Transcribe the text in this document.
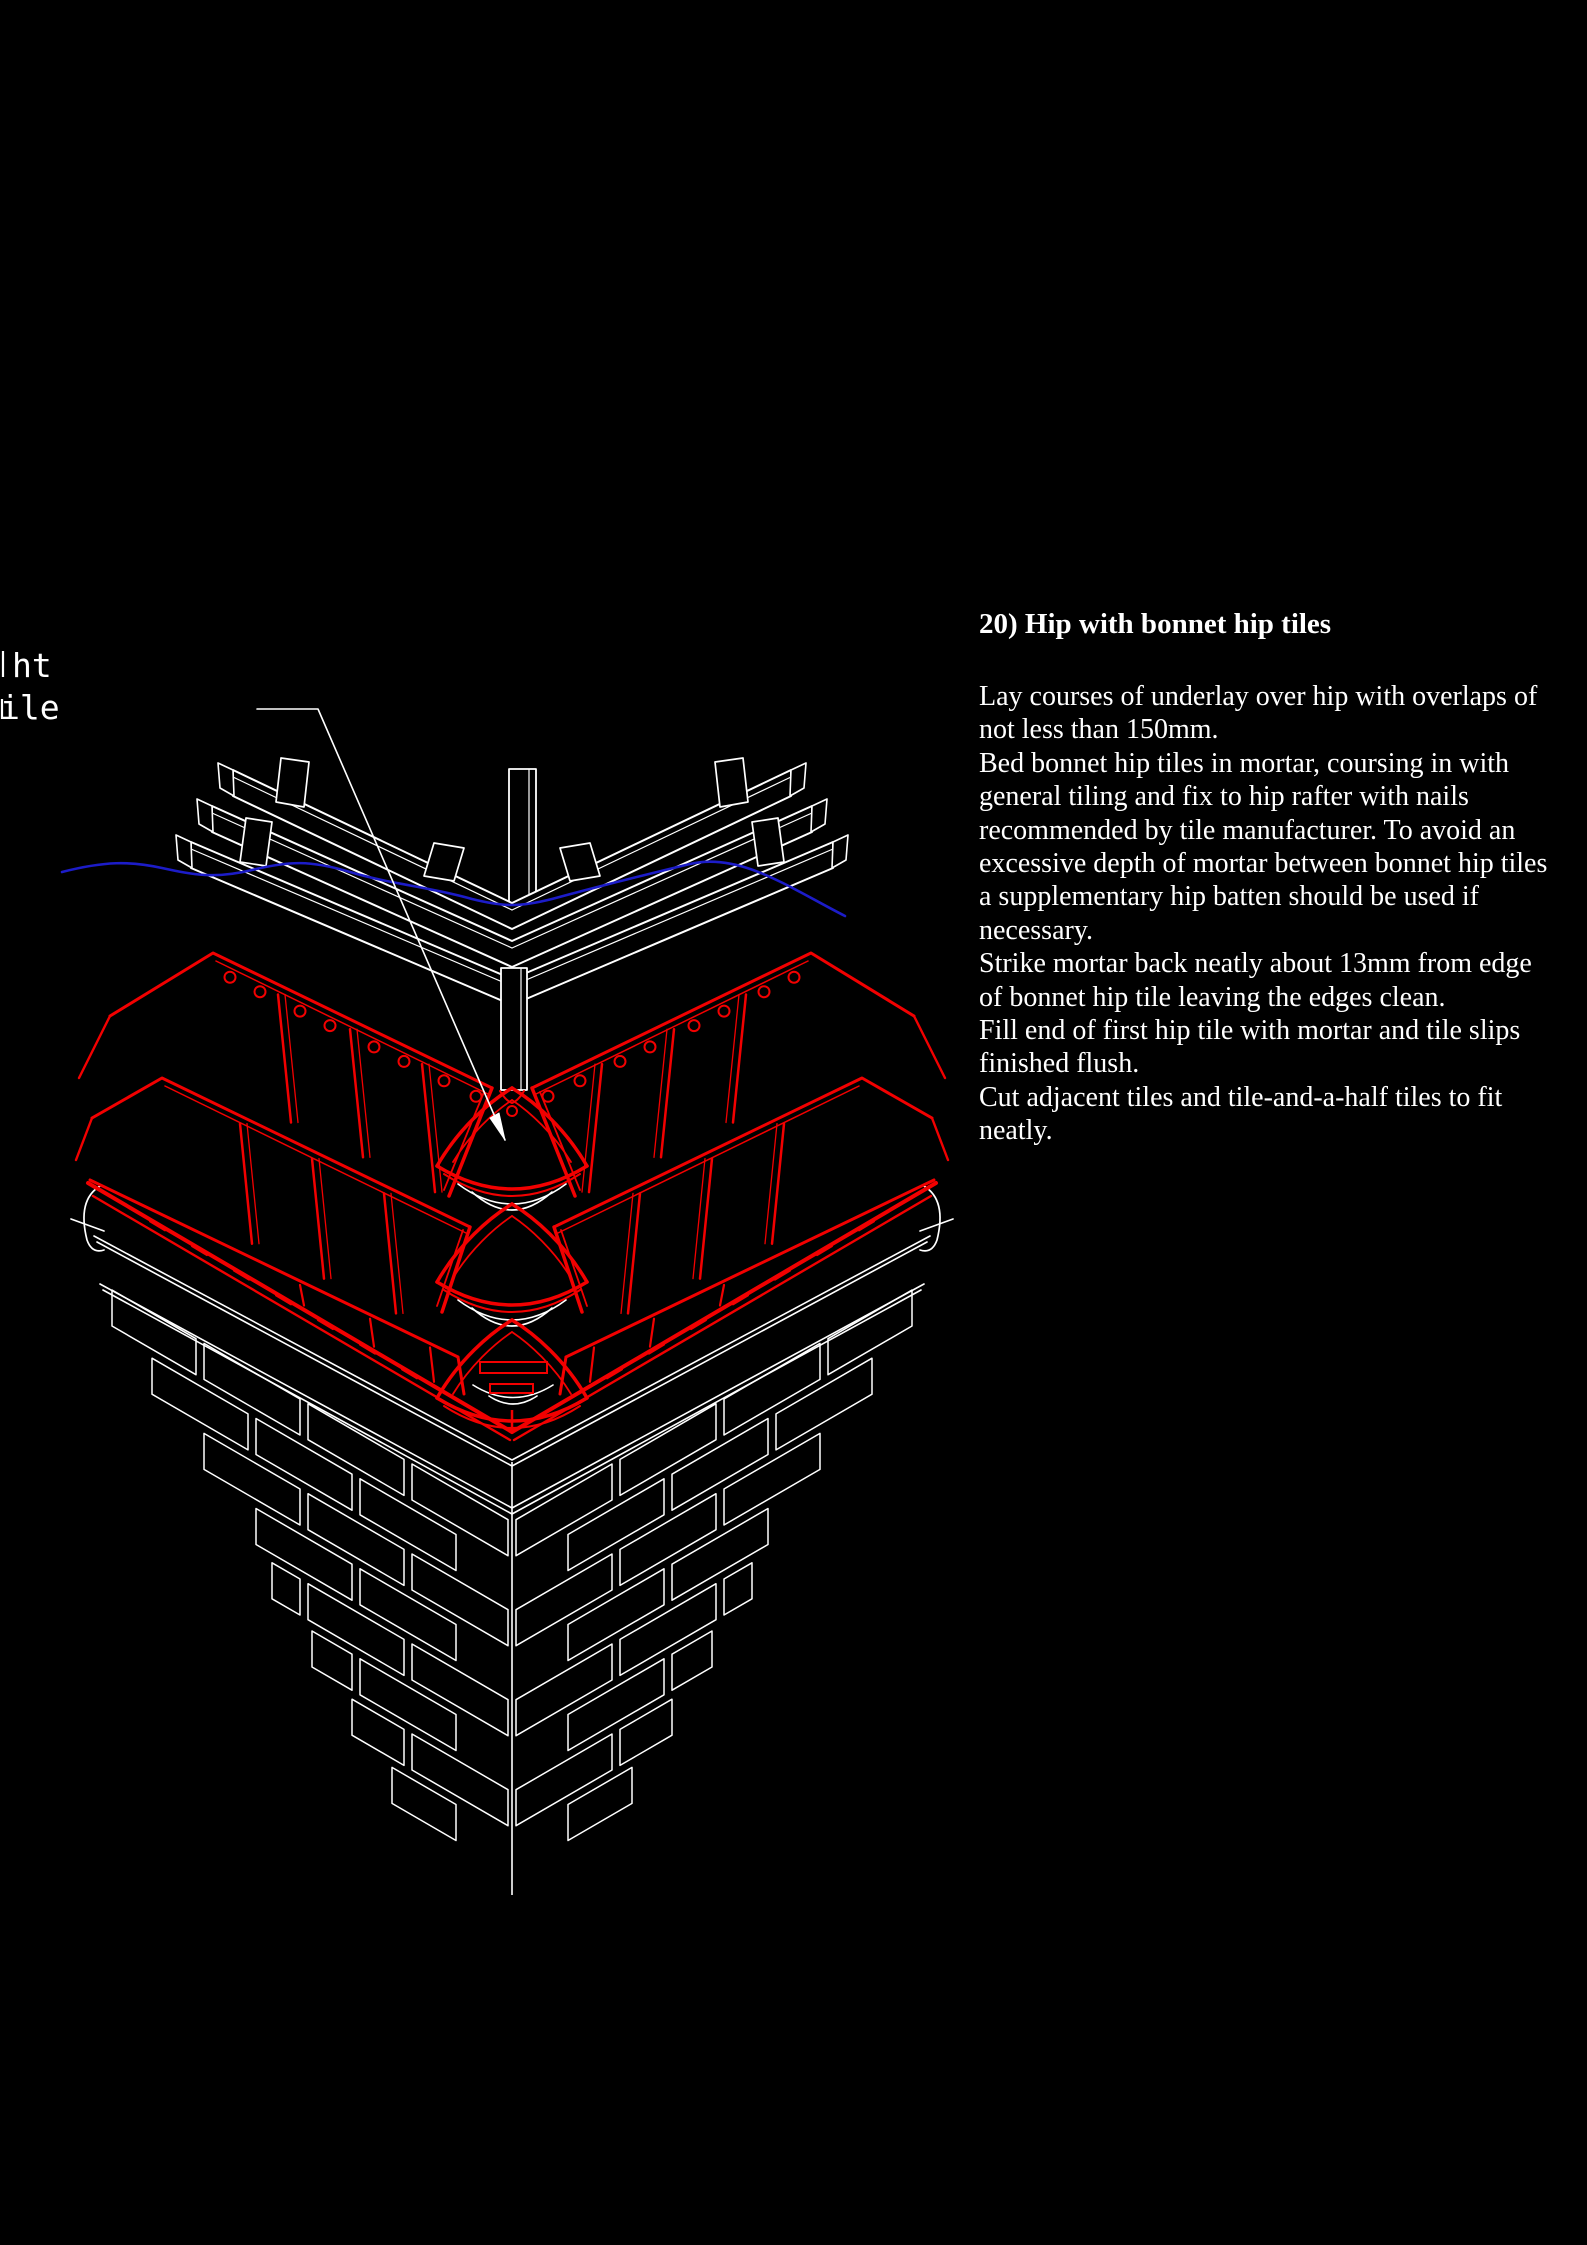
ht
ile
20) Hip with bonnet hip tiles
Lay courses of underlay over hip with overlaps of
not less than 150mm.
Bed bonnet hip tiles in mortar, coursing in with
general tiling and fix to hip rafter with nails
recommended by tile manufacturer. To avoid an
excessive depth of mortar between bonnet hip tiles
a supplementary hip batten should be used if
necessary.
Strike mortar back neatly about 13mm from edge
of bonnet hip tile leaving the edges clean.
Fill end of first hip tile with mortar and tile slips
finished flush.
Cut adjacent tiles and tile-and-a-half tiles to fit
neatly.
